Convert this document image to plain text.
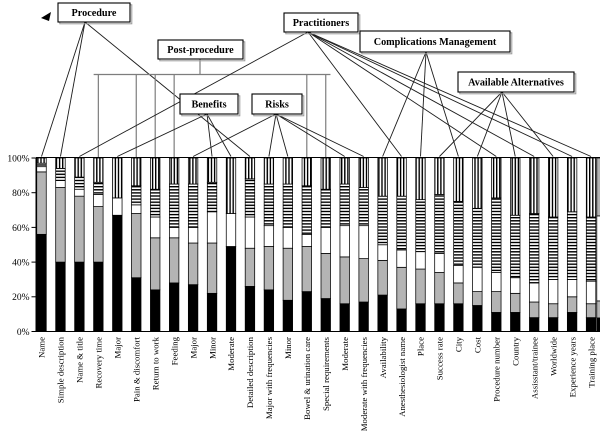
0%
20%
40%
60%
80%
100%
Name Simple description Name & title Recovery time Major Pain & discomfort Return to work Feeding Major Minor Moderate Detailed description Major with frequencies Minor Bowel & urination care Special requirements Moderate Moderate with frequencies Availability Anesthesiologist name Place Success rate City Cost Procedure number Country Assisstant/trainee Worldwide Experience years Training place
Procedure
Post-procedure
Benefits	Risks
Practitioners
Complications Management
Available Alternatives
